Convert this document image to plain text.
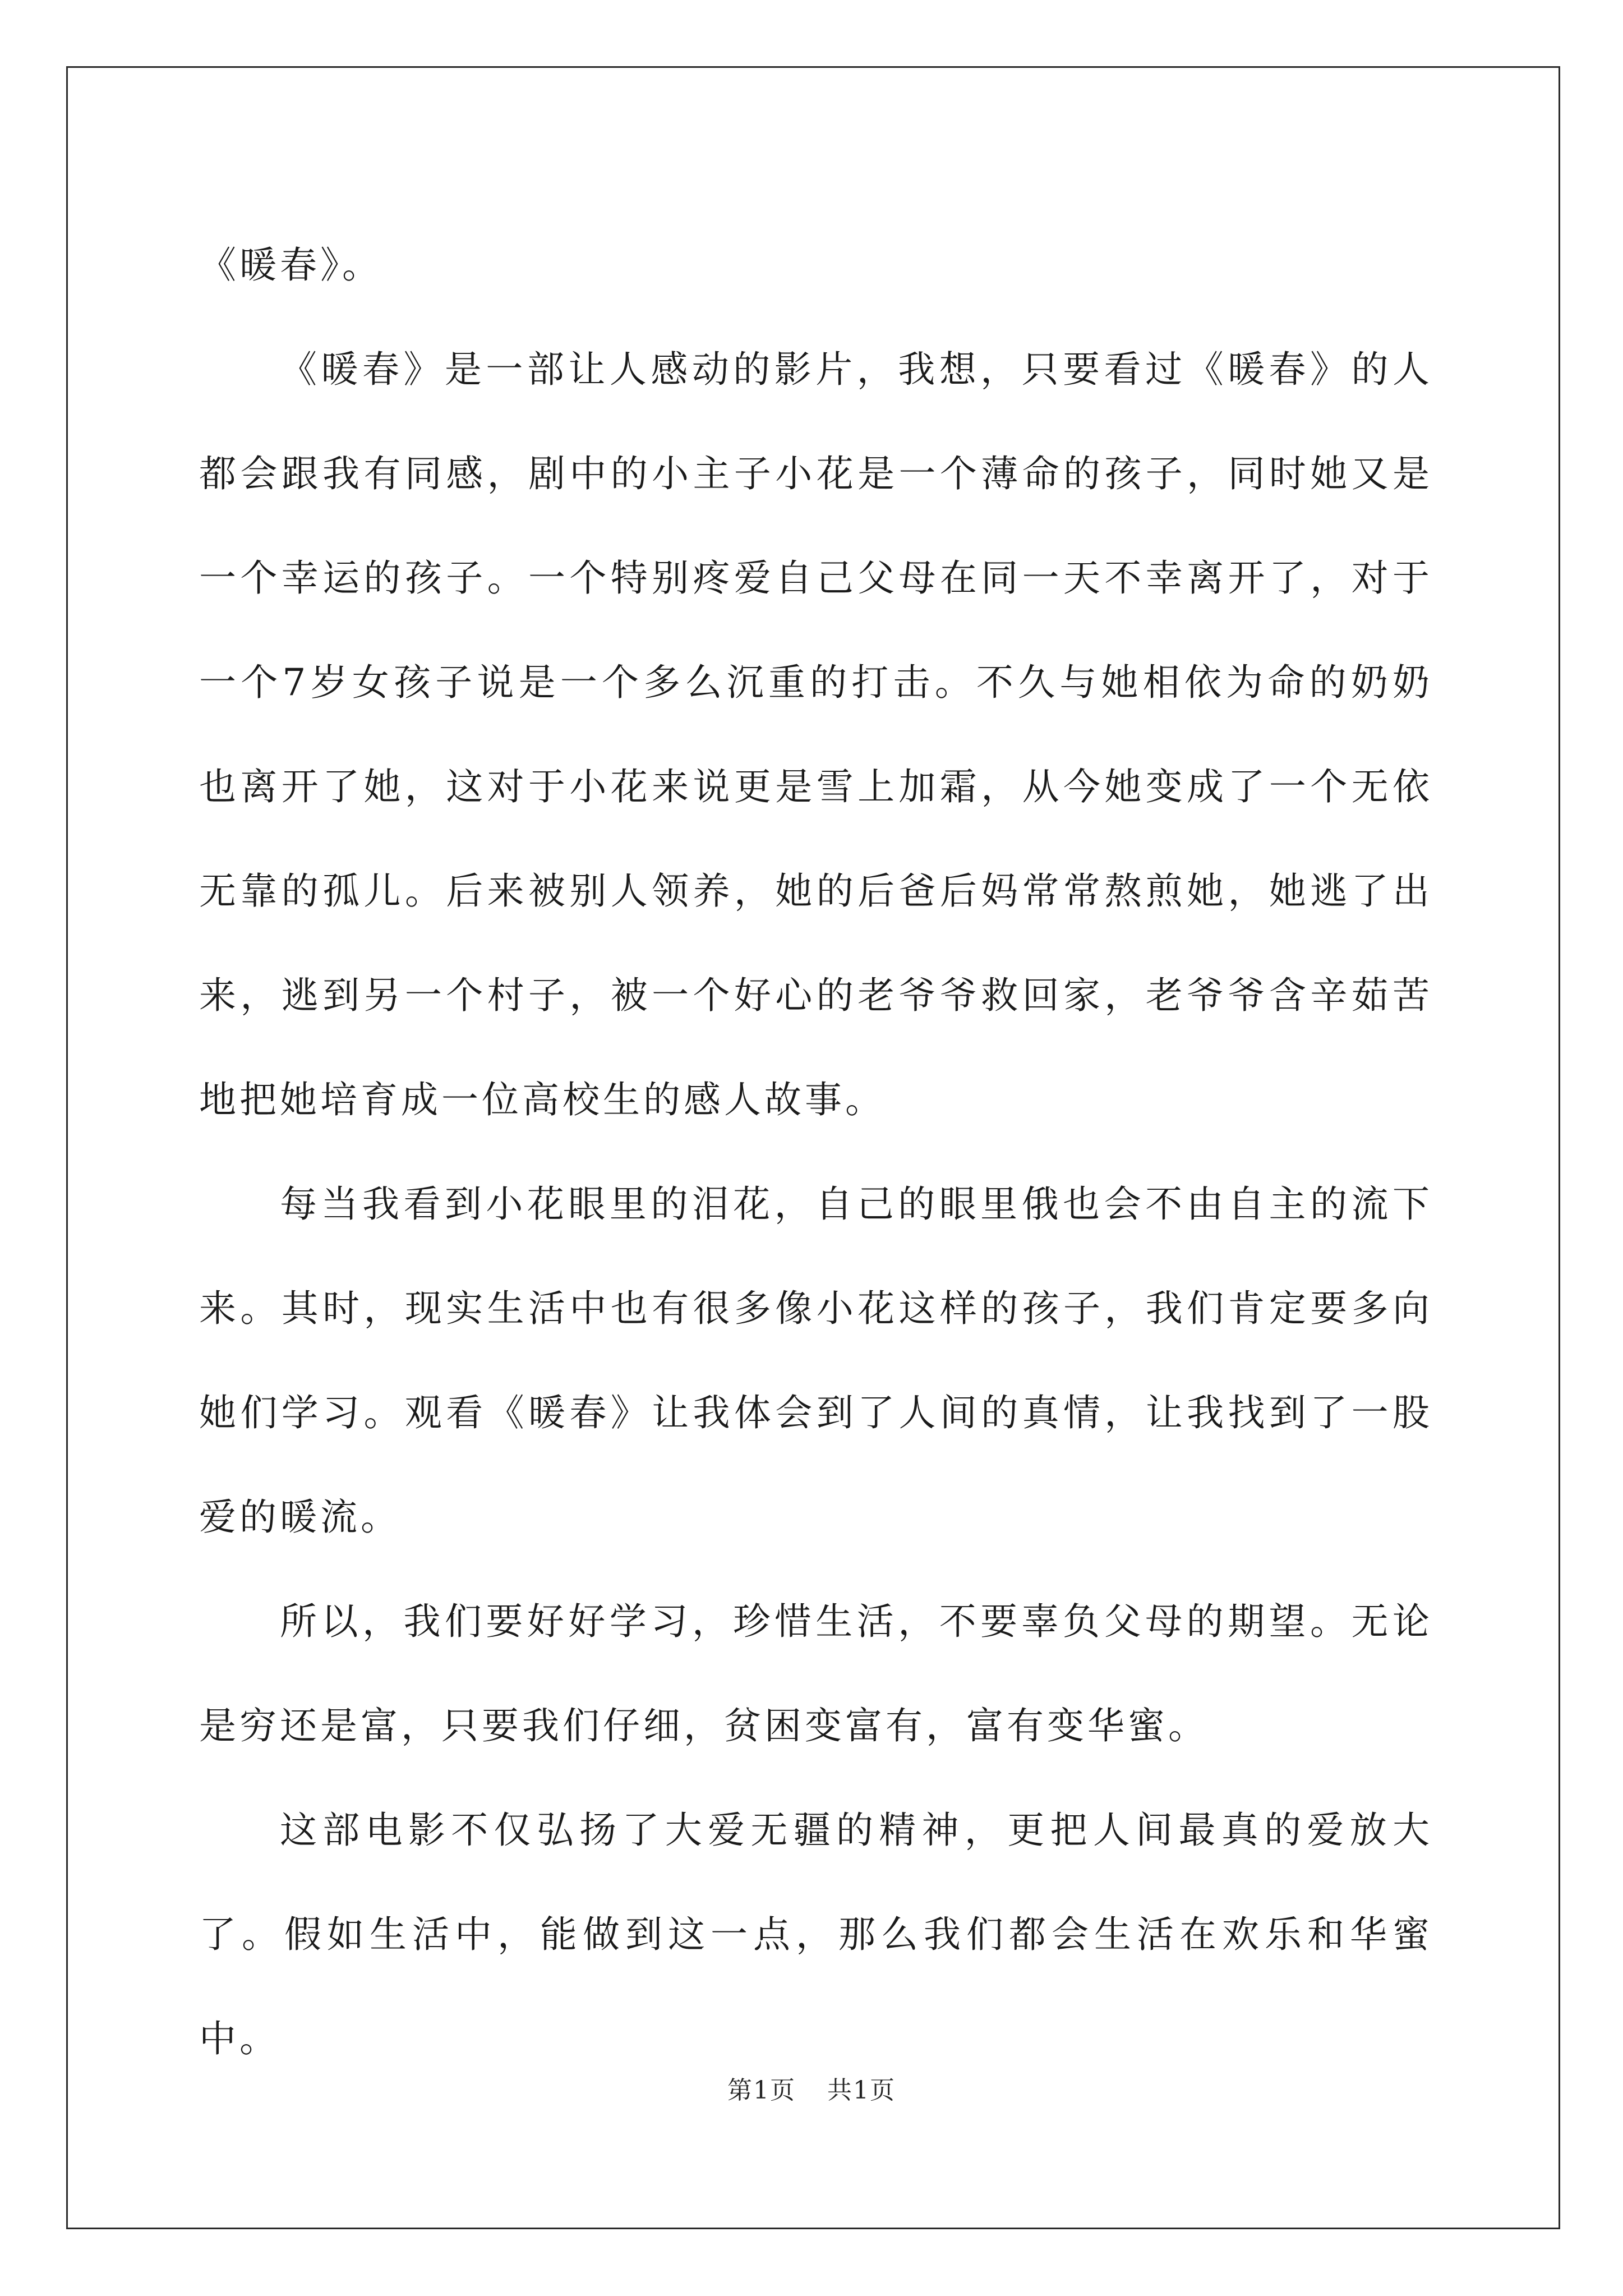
《暖春》。

《暖春》是一部让人感动的影片，我想，只要看过《暖春》的人都会跟我有同感，剧中的小主子小花是一个薄命的孩子，同时她又是一个幸运的孩子。一个特别疼爱自己父母在同一天不幸离开了，对于一个7岁女孩子说是一个多么沉重的打击。不久与她相依为命的奶奶也离开了她，这对于小花来说更是雪上加霜，从今她变成了一个无依无靠的孤儿。后来被别人领养，她的后爸后妈常常熬煎她，她逃了出来，逃到另一个村子，被一个好心的老爷爷救回家，老爷爷含辛茹苦地把她培育成一位高校生的感人故事。

每当我看到小花眼里的泪花，自己的眼里俄也会不由自主的流下来。其时，现实生活中也有很多像小花这样的孩子，我们肯定要多向她们学习。观看《暖春》让我体会到了人间的真情，让我找到了一股爱的暖流。

所以，我们要好好学习，珍惜生活，不要辜负父母的期望。无论是穷还是富，只要我们仔细，贫困变富有，富有变华蜜。

这部电影不仅弘扬了大爱无疆的精神，更把人间最真的爱放大了。假如生活中，能做到这一点，那么我们都会生活在欢乐和华蜜中。

第1页 共1页
